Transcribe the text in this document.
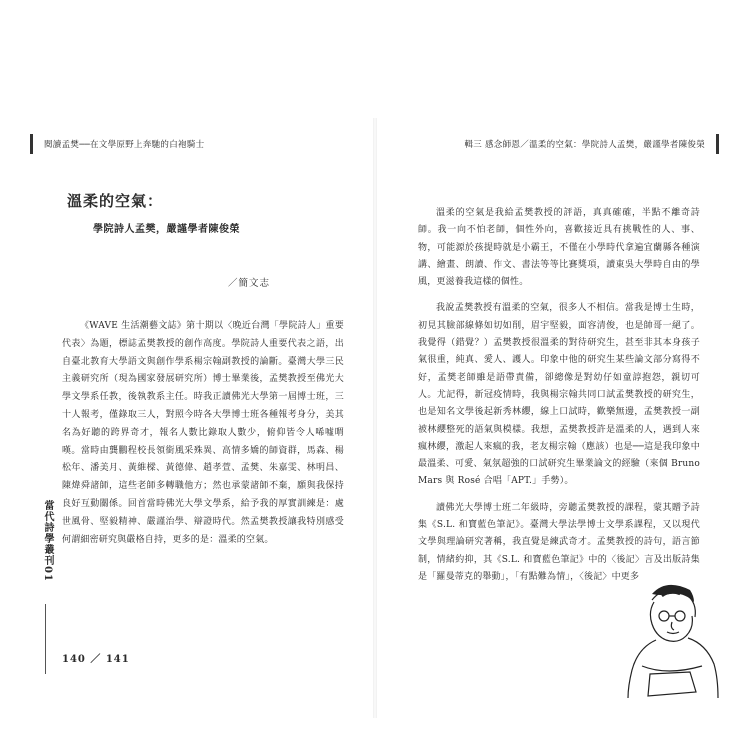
閱讀孟樊──在文學原野上奔馳的白袍騎士	輯三 感念師恩／溫柔的空氣：學院詩人孟樊，嚴謹學者陳俊榮
溫柔的空氣：
學院詩人孟樊，嚴謹學者陳俊榮
／簡文志

《WAVE 生活潮藝文誌》第十期以〈晚近台灣「學院詩人」重要代表〉為題，標誌孟樊教授的創作高度。學院詩人重要代表之語，出自臺北教育大學語文與創作學系楊宗翰副教授的論斷。臺灣大學三民主義研究所（現為國家發展研究所）博士畢業後，孟樊教授至佛光大學文學系任教，後執教系主任。時我正讀佛光大學第一屆博士班，三十人報考，僅錄取三人，對照今時各大學博士班各種報考身分，美其名為好聽的跨界奇才，報名人數比錄取人數少，俯仰皆令人唏噓喟嘆。當時由龔鵬程校長領銜風采殊異、高情多嬌的師資群，馬森、楊松年、潘美月、黃維樑、黃德偉、趙孝萱、孟樊、朱嘉雯、林明昌、陳煒舜諸師，這些老師多轉職他方；然也承蒙諸師不棄，願與我保持良好互動關係。回首當時佛光大學文學系，給予我的厚實訓練是：處世風骨、堅毅精神、嚴謹治學、辯證時代。然孟樊教授讓我特別感受何謂細密研究與嚴格自持，更多的是：溫柔的空氣。

溫柔的空氣是我給孟樊教授的評語，真真確確，半點不離奇詩師。我一向不怕老師，個性外向，喜歡接近具有挑戰性的人、事、物，可能源於孩提時就是小霸王，不僅在小學時代拿遍宜蘭縣各種演講、繪畫、朗讀、作文、書法等等比賽獎項，讀東吳大學時自由的學風，更滋養我這樣的個性。

我說孟樊教授有溫柔的空氣，很多人不相信。當我是博士生時，初見其臉部線條如切如削，眉宇堅毅，面容清俊，也是帥哥一絕了。我覺得（錯覺？）孟樊教授很溫柔的對待研究生，甚至非其本身孩子氣很重，純真、愛人、護人。印象中他的研究生某些論文部分寫得不好，孟樊老師雖是語帶責備，卻總像是對幼仔如童諄抱怨，親切可人。尤記得，新冠疫情時，我與楊宗翰共同口試孟樊教授的研究生，也是知名文學後起新秀林纓，線上口試時，歡樂無邊，孟樊教授一副被林纓整死的語氣與模樣。我想，孟樊教授許是溫柔的人，遇到人來瘋林纓，激起人來瘋的我，老友楊宗翰（應該）也是──這是我印象中最溫柔、可愛、氣氛超強的口試研究生畢業論文的經驗（來個 Bruno Mars 與 Rosé 合唱「APT.」手勢）。

讀佛光大學博士班二年級時，旁聽孟樊教授的課程，蒙其贈予詩集《S.L. 和寶藍色筆記》。臺灣大學法學博士文學系課程，又以現代文學與理論研究著稱，我直覺是練武奇才。孟樊教授的詩句，語言節制，情緒約抑，其《S.L. 和寶藍色筆記》中的〈後記〉言及出版詩集是「羅曼蒂克的舉動」，「有點難為情」，〈後記〉中更多

當代詩學叢刊01
140 ／ 141
